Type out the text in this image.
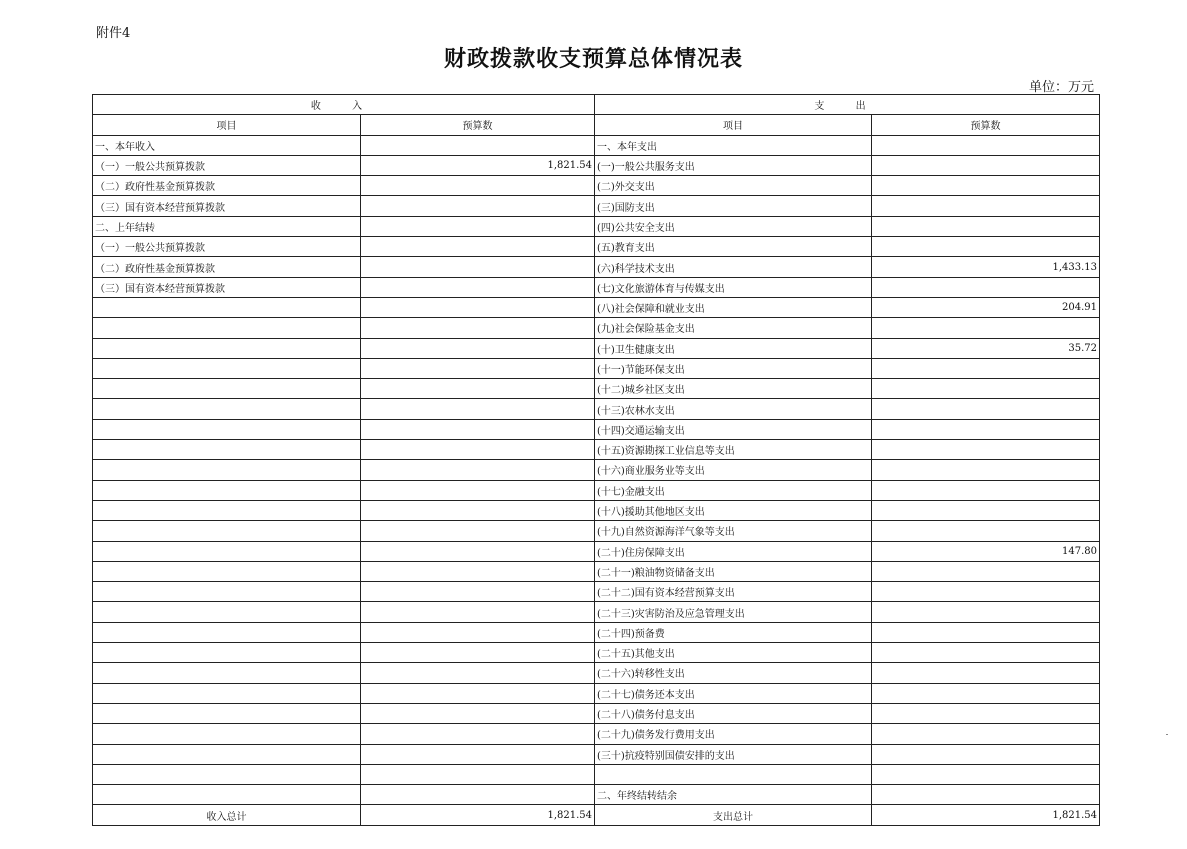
附件4
财政拨款收支预算总体情况表
单位：万元
收 入		支 出	
项目	预算数	项目	预算数
一、本年收入		一、本年支出	
（一）一般公共预算拨款	1,821.54	(一)一般公共服务支出	
（二）政府性基金预算拨款		(二)外交支出	
（三）国有资本经营预算拨款		(三)国防支出	
二、上年结转		(四)公共安全支出	
（一）一般公共预算拨款		(五)教育支出	
（二）政府性基金预算拨款		(六)科学技术支出	1,433.13
（三）国有资本经营预算拨款		(七)文化旅游体育与传媒支出	
		(八)社会保障和就业支出	204.91
		(九)社会保险基金支出	
		(十)卫生健康支出	35.72
		(十一)节能环保支出	
		(十二)城乡社区支出	
		(十三)农林水支出	
		(十四)交通运输支出	
		(十五)资源勘探工业信息等支出	
		(十六)商业服务业等支出	
		(十七)金融支出	
		(十八)援助其他地区支出	
		(十九)自然资源海洋气象等支出	
		(二十)住房保障支出	147.80
		(二十一)粮油物资储备支出	
		(二十二)国有资本经营预算支出	
		(二十三)灾害防治及应急管理支出	
		(二十四)预备费	
		(二十五)其他支出	
		(二十六)转移性支出	
		(二十七)债务还本支出	
		(二十八)债务付息支出	
		(二十九)债务发行费用支出	
		(三十)抗疫特别国债安排的支出	

		二、年终结转结余	
收入总计	1,821.54	支出总计	1,821.54
